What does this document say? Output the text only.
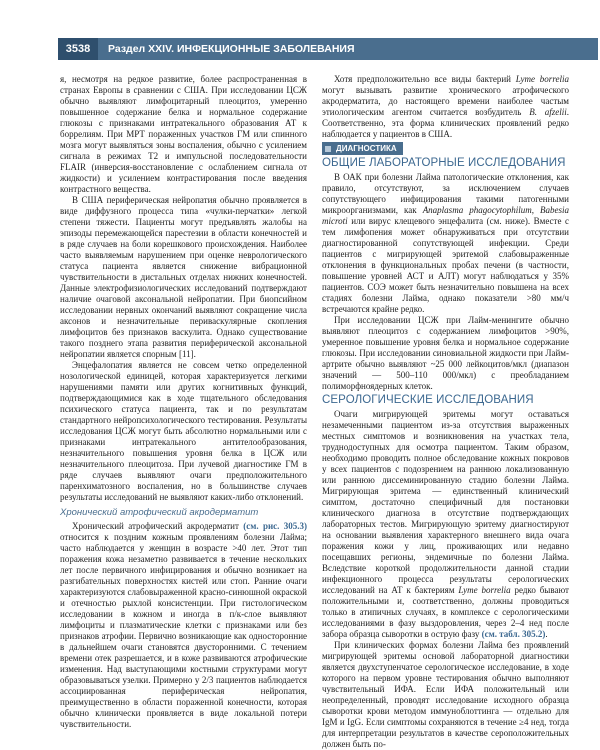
3538	Раздел XXIV. ИНФЕКЦИОННЫЕ ЗАБОЛЕВАНИЯ

я, несмотря на редкое развитие, более распространенная в странах Европы в сравнении с США. При исследовании ЦСЖ обычно выявляют лимфоцитарный плеоцитоз, умеренно повышенное содержание белка и нормальное содержание глюкозы с признаками интратекального образования АТ к боррелиям. При МРТ пораженных участков ГМ или спинного мозга могут выявляться зоны воспаления, обычно с усилением сигнала в режимах Т2 и импульсной последовательности FLAIR (инверсия-восстановление с ослаблением сигнала от жидкости) и усилением контрастирования после введения контрастного вещества.

В США периферическая нейропатия обычно проявляется в виде диффузного процесса типа «чулки-перчатки» легкой степени тяжести. Пациенты могут предъявлять жалобы на эпизоды перемежающейся парестезии в области конечностей и в ряде случаев на боли корешкового происхождения. Наиболее часто выявляемым нарушением при оценке неврологического статуса пациента является снижение вибрационной чувствительности в дистальных отделах нижних конечностей. Данные электрофизиологических исследований подтверждают наличие очаговой аксональной нейропатии. При биопсийном исследовании нервных окончаний выявляют сокращение числа аксонов и незначительные периваскулярные скопления лимфоцитов без признаков васкулита. Однако существование такого позднего этапа развития периферической аксональной нейропатии является спорным [11].

Энцефалопатия является не совсем четко определенной нозологической единицей, которая характеризуется легкими нарушениями памяти или других когнитивных функций, подтверждающимися как в ходе тщательного обследования психического статуса пациента, так и по результатам стандартного нейропсихологического тестирования. Результаты исследования ЦСЖ могут быть абсолютно нормальными или с признаками интратекального антителообразования, незначительного повышения уровня белка в ЦСЖ или незначительного плеоцитоза. При лучевой диагностике ГМ в ряде случаев выявляют очаги предположительного паренхиматозного воспаления, но в большинстве случаев результаты исследований не выявляют каких-либо отклонений.

Хронический атрофический акродерматит

Хронический атрофический акродерматит (см. рис. 305.3) относится к поздним кожным проявлениям болезни Лайма; часто наблюдается у женщин в возрасте >40 лет. Этот тип поражения кожа незаметно развивается в течение нескольких лет после первичного инфицирования и обычно возникает на разгибательных поверхностях кистей или стоп. Ранние очаги характеризуются слабовыраженной красно-синюшной окраской и отечностью рыхлой консистенции. При гистологическом исследовании в кожном и иногда в п/к-слое выявляют лимфоциты и плазматические клетки с признаками или без признаков атрофии. Первично возникающие как односторонние в дальнейшем очаги становятся двусторонними. С течением времени отек разрешается, и в коже развиваются атрофические изменения. Над выступающими костными структурами могут образовываться узелки. Примерно у 2/3 пациентов наблюдается ассоциированная периферическая нейропатия, преимущественно в области пораженной конечности, которая обычно клинически проявляется в виде локальной потери чувствительности.

Хотя предположительно все виды бактерий Lyme borrelia могут вызывать развитие хронического атрофического акродерматита, до настоящего времени наиболее частым этиологическим агентом считается возбудитель B. afzelii. Соответственно, эта форма клинических проявлений редко наблюдается у пациентов в США.

ДИАГНОСТИКА
ОБЩИЕ ЛАБОРАТОРНЫЕ ИССЛЕДОВАНИЯ

В ОАК при болезни Лайма патологические отклонения, как правило, отсутствуют, за исключением случаев сопутствующего инфицирования такими патогенными микроорганизмами, как Anaplasma phagocytophilum, Babesia microti или вирус клещевого энцефалита (см. ниже). Вместе с тем лимфопения может обнаруживаться при отсутствии диагностированной сопутствующей инфекции. Среди пациентов с мигрирующей эритемой слабовыраженные отклонения в функциональных пробах печени (в частности, повышение уровней АСТ и АЛТ) могут наблюдаться у 35% пациентов. СОЭ может быть незначительно повышена на всех стадиях болезни Лайма, однако показатели >80 мм/ч встречаются крайне редко.

При исследовании ЦСЖ при Лайм-менингите обычно выявляют плеоцитоз с содержанием лимфоцитов >90%, умеренное повышение уровня белка и нормальное содержание глюкозы. При исследовании синовиальной жидкости при Лайм-артрите обычно выявляют ~25 000 лейкоцитов/мкл (диапазон значений — 500–110 000/мкл) с преобладанием полиморфноядерных клеток.

СЕРОЛОГИЧЕСКИЕ ИССЛЕДОВАНИЯ

Очаги мигрирующей эритемы могут оставаться незамеченными пациентом из-за отсутствия выраженных местных симптомов и возникновения на участках тела, труднодоступных для осмотра пациентом. Таким образом, необходимо проводить полное обследование кожных покровов у всех пациентов с подозрением на раннюю локализованную или раннюю диссеминированную стадию болезни Лайма. Мигрирующая эритема — единственный клинический симптом, достаточно специфичный для постановки клинического диагноза в отсутствие подтверждающих лабораторных тестов. Мигрирующую эритему диагностируют на основании выявления характерного внешнего вида очага поражения кожи у лиц, проживающих или недавно посещавших регионы, эндемичные по болезни Лайма. Вследствие короткой продолжительности данной стадии инфекционного процесса результаты серологических исследований на АТ к бактериям Lyme borrelia редко бывают положительными и, соответственно, должны проводиться только в атипичных случаях, в комплексе с серологическими исследованиями в фазу выздоровления, через 2–4 нед после забора образца сыворотки в острую фазу (см. табл. 305.2).

При клинических формах болезни Лайма без проявлений мигрирующей эритемы основой лабораторной диагностики является двухступенчатое серологическое исследование, в ходе которого на первом уровне тестирования обычно выполняют чувствительный ИФА. Если ИФА положительный или неопределенный, проводят исследование исходного образца сыворотки крови методом иммуноблоттинга — отдельно для IgM и IgG. Если симптомы сохраняются в течение ≥4 нед, тогда для интерпретации результатов в качестве сероположительных должен быть по-
